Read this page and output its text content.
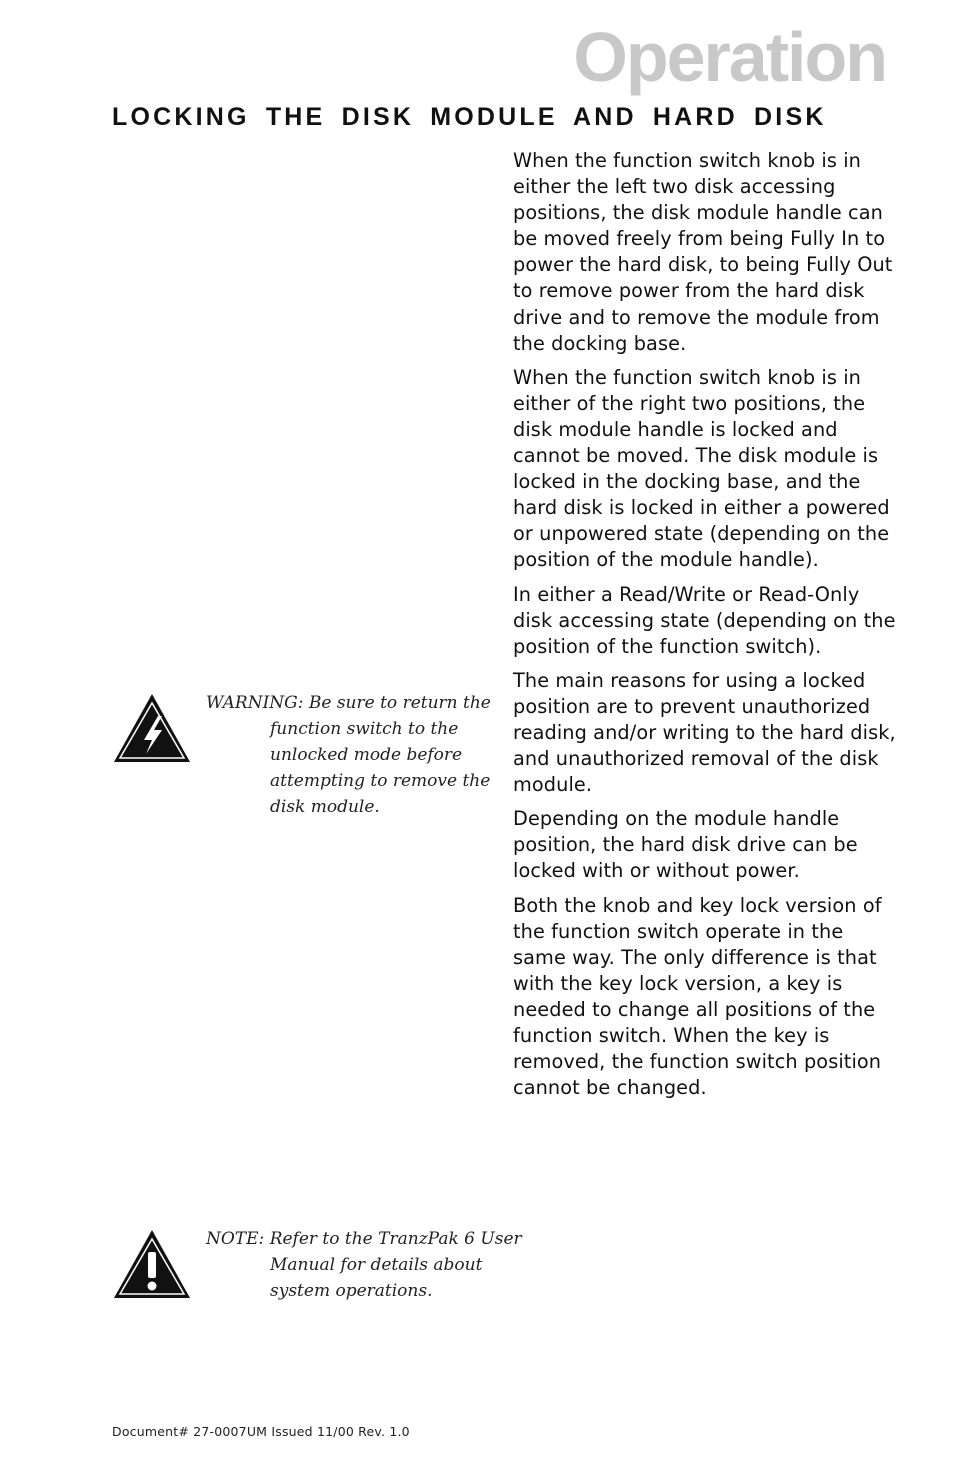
Operation
LOCKING THE DISK MODULE AND HARD DISK

When the function switch knob is in either the left two disk accessing positions, the disk module handle can be moved freely from being Fully In to power the hard disk, to being Fully Out to remove power from the hard disk drive and to remove the module from the docking base.

When the function switch knob is in either of the right two positions, the disk module handle is locked and cannot be moved. The disk module is locked in the docking base, and the hard disk is locked in either a powered or unpowered state (depending on the position of the module handle).

In either a Read/Write or Read-Only disk accessing state (depending on the position of the function switch).

The main reasons for using a locked position are to prevent unauthorized reading and/or writing to the hard disk, and unauthorized removal of the disk module.

Depending on the module handle position, the hard disk drive can be locked with or without power.

Both the knob and key lock version of the function switch operate in the same way. The only difference is that with the key lock version, a key is needed to change all positions of the function switch. When the key is removed, the function switch position cannot be changed.

WARNING: Be sure to return the
function switch to the
unlocked mode before
attempting to remove the
disk module.
NOTE: Refer to the TranzPak 6 User
Manual for details about
system operations.
Document# 27-0007UM Issued 11/00 Rev. 1.0
